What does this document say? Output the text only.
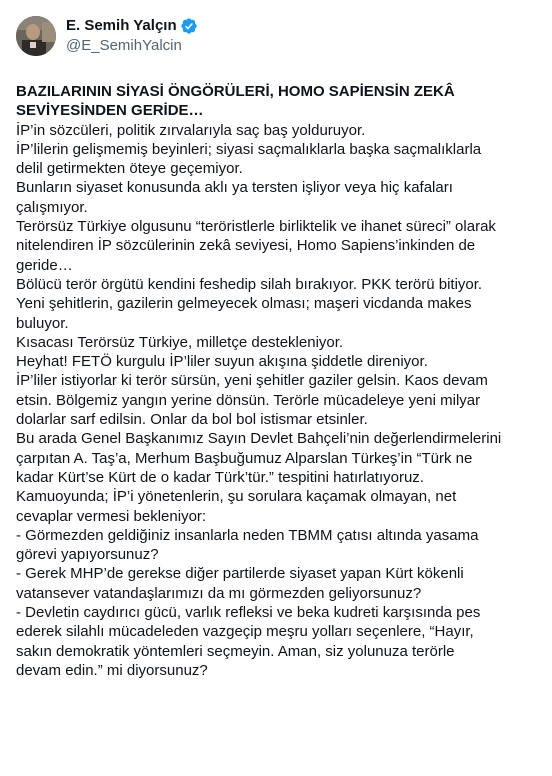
E. Semih Yalçın
@E_SemihYalcin
BAZILARININ SİYASİ ÖNGÖRÜLERİ, HOMO SAPİENSİN ZEKÂ
SEVİYESİNDEN GERİDE…
İP’in sözcüleri, politik zırvalarıyla saç baş yolduruyor.
İP’lilerin gelişmemiş beyinleri; siyasi saçmalıklarla başka saçmalıklarla
delil getirmekten öteye geçemiyor.
Bunların siyaset konusunda aklı ya tersten işliyor veya hiç kafaları
çalışmıyor.
Terörsüz Türkiye olgusunu “teröristlerle birliktelik ve ihanet süreci” olarak
nitelendiren İP sözcülerinin zekâ seviyesi, Homo Sapiens’inkinden de
geride…
Bölücü terör örgütü kendini feshedip silah bırakıyor. PKK terörü bitiyor.
Yeni şehitlerin, gazilerin gelmeyecek olması; maşeri vicdanda makes
buluyor.
Kısacası Terörsüz Türkiye, milletçe destekleniyor.
Heyhat! FETÖ kurgulu İP’liler suyun akışına şiddetle direniyor.
İP’liler istiyorlar ki terör sürsün, yeni şehitler gaziler gelsin. Kaos devam
etsin. Bölgemiz yangın yerine dönsün. Terörle mücadeleye yeni milyar
dolarlar sarf edilsin. Onlar da bol bol istismar etsinler.
Bu arada Genel Başkanımız Sayın Devlet Bahçeli’nin değerlendirmelerini
çarpıtan A. Taş’a, Merhum Başbuğumuz Alparslan Türkeş’in “Türk ne
kadar Kürt’se Kürt de o kadar Türk’tür.” tespitini hatırlatıyoruz.
Kamuoyunda; İP’i yönetenlerin, şu sorulara kaçamak olmayan, net
cevaplar vermesi bekleniyor:
- Görmezden geldiğiniz insanlarla neden TBMM çatısı altında yasama
görevi yapıyorsunuz?
- Gerek MHP’de gerekse diğer partilerde siyaset yapan Kürt kökenli
vatansever vatandaşlarımızı da mı görmezden geliyorsunuz?
- Devletin caydırıcı gücü, varlık refleksi ve beka kudreti karşısında pes
ederek silahlı mücadeleden vazgeçip meşru yolları seçenlere, “Hayır,
sakın demokratik yöntemleri seçmeyin. Aman, siz yolunuza terörle
devam edin.” mi diyorsunuz?
